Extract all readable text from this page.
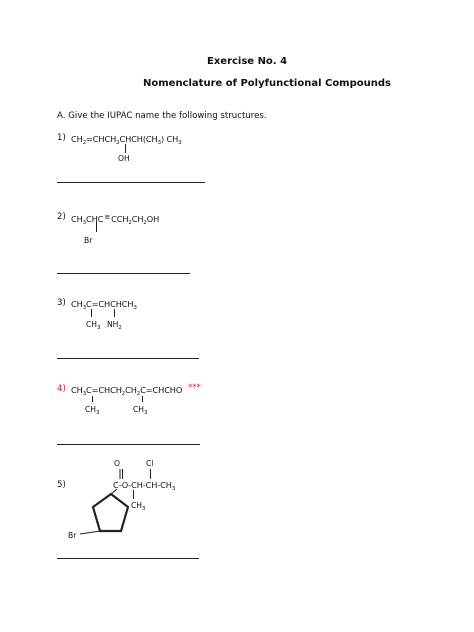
Exercise No. 4
Nomenclature of Polyfunctional Compounds
A. Give the IUPAC name the following structures.
1) $CH_2=CHCH_2CHCH(CH_3)$ $CH_3$
OH
2) $CH_3CHC\equiv CCH_2CH_2OH$
Br
3) $CH_3C=CHCHCH_3$
$CH_3$ $NH_2$
4) $CH_3C=CHCH_2CH_2C=CHCHO$ ***
$CH_3$	$CH_3$
5)
O	Cl
$C-O-CH-CH-CH_3$
$CH_3$
Br
